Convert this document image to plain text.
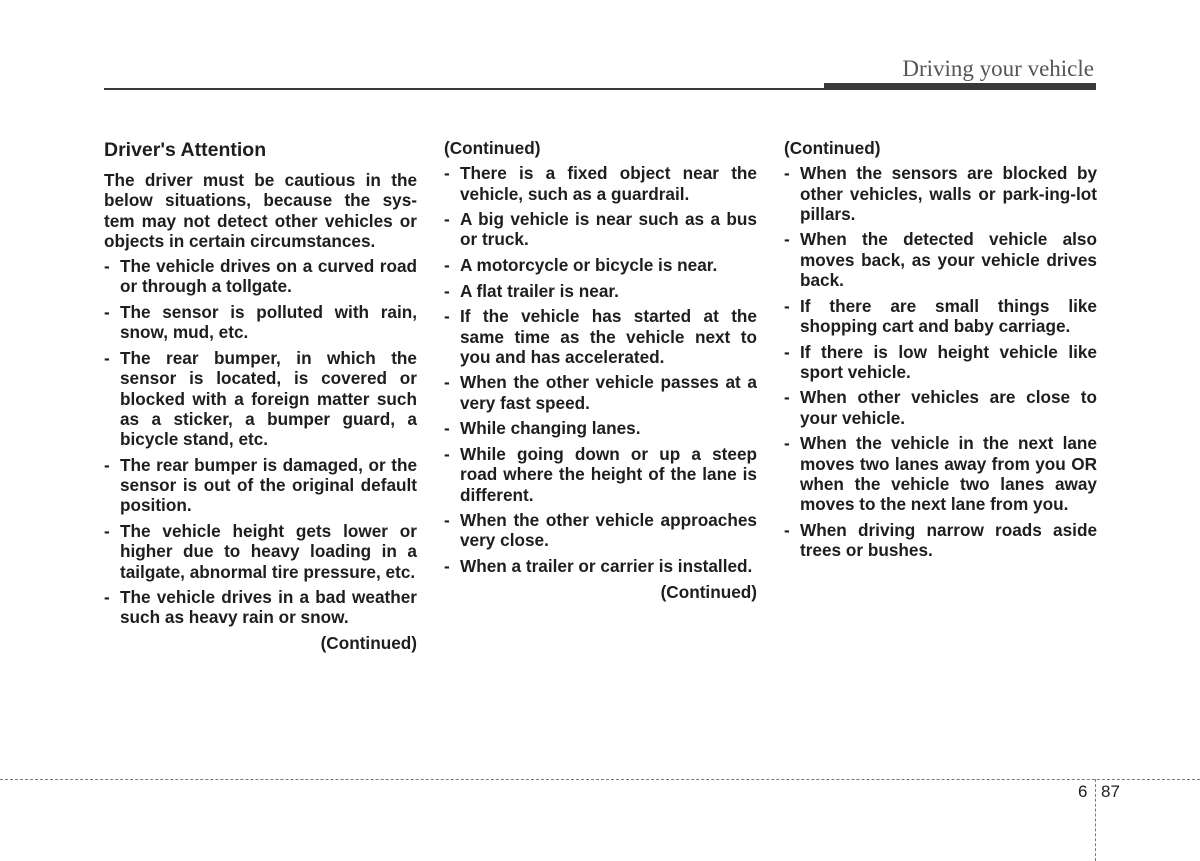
Driving your vehicle
Driver's Attention
The driver must be cautious in the below situations, because the sys-tem may not detect other vehicles or objects in certain circumstances.
- The vehicle drives on a curved road or through a tollgate.
- The sensor is polluted with rain, snow, mud, etc.
- The rear bumper, in which the sensor is located, is covered or blocked with a foreign matter such as a sticker, a bumper guard, a bicycle stand, etc.
- The rear bumper is damaged, or the sensor is out of the original default position.
- The vehicle height gets lower or higher due to heavy loading in a tailgate, abnormal tire pressure, etc.
- The vehicle drives in a bad weather such as heavy rain or snow.
(Continued)
(Continued)
- There is a fixed object near the vehicle, such as a guardrail.
- A big vehicle is near such as a bus or truck.
- A motorcycle or bicycle is near.
- A flat trailer is near.
- If the vehicle has started at the same time as the vehicle next to you and has accelerated.
- When the other vehicle passes at a very fast speed.
- While changing lanes.
- While going down or up a steep road where the height of the lane is different.
- When the other vehicle approaches very close.
- When a trailer or carrier is installed.
(Continued)
(Continued)
- When the sensors are blocked by other vehicles, walls or park-ing-lot pillars.
- When the detected vehicle also moves back, as your vehicle drives back.
- If there are small things like shopping cart and baby carriage.
- If there is low height vehicle like sport vehicle.
- When other vehicles are close to your vehicle.
- When the vehicle in the next lane moves two lanes away from you OR when the vehicle two lanes away moves to the next lane from you.
- When driving narrow roads aside trees or bushes.
6 87
